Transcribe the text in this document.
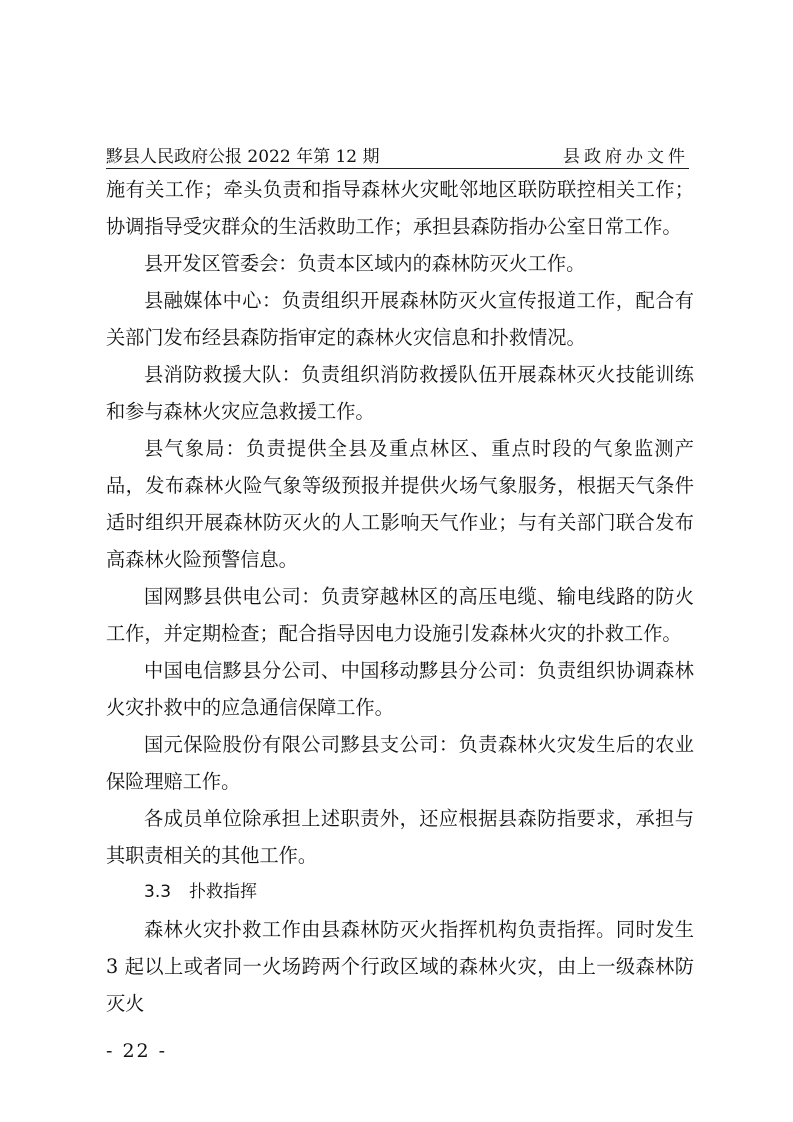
黟县人民政府公报 2022 年第 12 期	县政府办文件

施有关工作；牵头负责和指导森林火灾毗邻地区联防联控相关工作；协调指导受灾群众的生活救助工作；承担县森防指办公室日常工作。

县开发区管委会：负责本区域内的森林防灭火工作。

县融媒体中心：负责组织开展森林防灭火宣传报道工作，配合有关部门发布经县森防指审定的森林火灾信息和扑救情况。

县消防救援大队：负责组织消防救援队伍开展森林灭火技能训练和参与森林火灾应急救援工作。

县气象局：负责提供全县及重点林区、重点时段的气象监测产品，发布森林火险气象等级预报并提供火场气象服务，根据天气条件适时组织开展森林防灭火的人工影响天气作业；与有关部门联合发布高森林火险预警信息。

国网黟县供电公司：负责穿越林区的高压电缆、输电线路的防火工作，并定期检查；配合指导因电力设施引发森林火灾的扑救工作。

中国电信黟县分公司、中国移动黟县分公司：负责组织协调森林火灾扑救中的应急通信保障工作。

国元保险股份有限公司黟县支公司：负责森林火灾发生后的农业保险理赔工作。

各成员单位除承担上述职责外，还应根据县森防指要求，承担与其职责相关的其他工作。

3.3 扑救指挥

森林火灾扑救工作由县森林防灭火指挥机构负责指挥。同时发生 3 起以上或者同一火场跨两个行政区域的森林火灾，由上一级森林防灭火

- 22 -
